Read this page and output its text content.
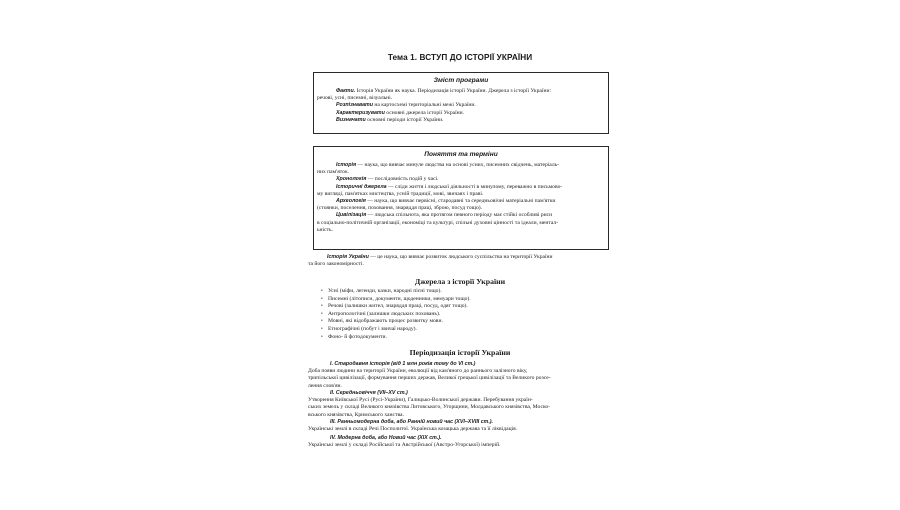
Тема 1. ВСТУП ДО ІСТОРІЇ УКРАЇНИ
Зміст програми
Факти. Історія України як наука. Періодизація історії України. Джерела з історії України:
речові, усні, писемні, візуальні.
Розпізнавати на картосхемі територіальні межі України.
Характеризувати основні джерела історії України.
Визначати основні періоди історії України.
Поняття та терміни
Історія — наука, що вивчає минуле людства на основі усних, писемних свідчень, матеріаль-
них пам'яток.
Хронологія — послідовність подій у часі.
Історичні джерела — сліди життя і людської діяльності в минулому, переважно в письмово-
му вигляді, пам'ятках мистецтва, усній традиції, мові, звичаях і праві.
Археологія — наука, що вивчає первісні, стародавні та середньовічні матеріальні пам'ятки
(стоянки, поселення, поховання, знаряддя праці, зброю, посуд тощо).
Цивілізація — людська спільнота, яка протягом певного періоду має стійкі особливі риси
в соціально-політичній організації, економіці та культурі, спільні духовні цінності та ідеали, ментал-
ьність.
Історія України — це наука, що вивчає розвиток людського суспільства на території України
та його закономірності.
Джерела з історії України
• Усні (міфи, легенди, казки, народні пісні тощо).
• Писемні (літописи, документи, щоденники, мемуари тощо).
• Речові (залишки жител, знаряддя праці, посуд, одяг тощо).
• Антропологічні (залишки людських поховань).
• Мовні, які відображають процес розвитку мови.
• Етнографічні (побут і звичаї народу).
• Фоно- й фотодокументи.
Періодизація історії України
I. Стародавня історія (від 1 млн років тому до VI ст.)
Доба появи людини на території України, еволюції від кам'яного до раннього залізного віку,
трипільської цивілізації, формування перших держав, Великої грецької цивілізації та Великого розсе-
лення слов'ян.
II. Середньовіччя (VII–XV ст.)
Утворення Київської Русі (Русі-України), Галицько-Волинської держави. Перебування україн-
ських земель у складі Великого князівства Литовського, Угорщини, Молдавського князівства, Моско-
вського князівства, Кримського ханства.
III. Ранньомодерна доба, або Ранній новий час (XVI–XVIII ст.).
Українські землі в складі Речі Посполитої. Українська козацька держава та її ліквідація.
IV. Модерна доба, або Новий час (XIX ст.).
Українські землі у складі Російської та Австрійської (Австро-Угорської) імперій.
